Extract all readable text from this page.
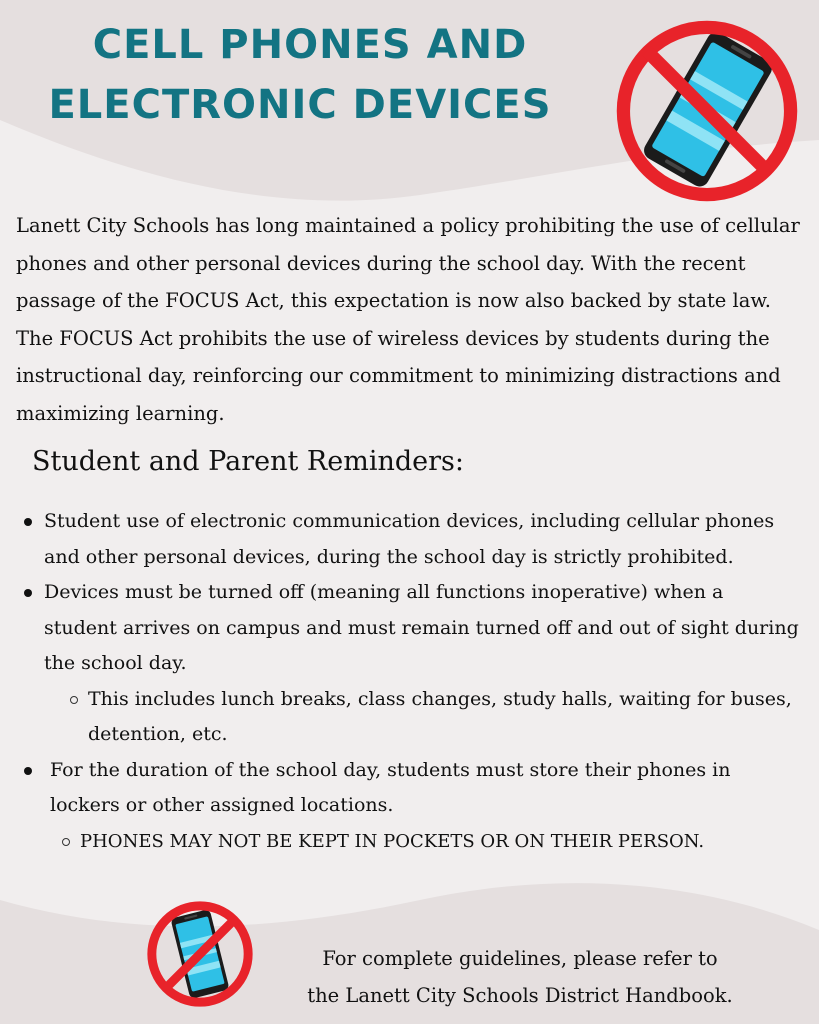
CELL PHONES AND
ELECTRONIC DEVICES
Lanett City Schools has long maintained a policy prohibiting the use of cellular phones and other personal devices during the school day. With the recent passage of the FOCUS Act, this expectation is now also backed by state law. The FOCUS Act prohibits the use of wireless devices by students during the instructional day, reinforcing our commitment to minimizing distractions and maximizing learning.
Student and Parent Reminders:
Student use of electronic communication devices, including cellular phones and other personal devices, during the school day is strictly prohibited.
Devices must be turned off (meaning all functions inoperative) when a student arrives on campus and must remain turned off and out of sight during the school day.
This includes lunch breaks, class changes, study halls, waiting for buses, detention, etc.
For the duration of the school day, students must store their phones in lockers or other assigned locations.
PHONES MAY NOT BE KEPT IN POCKETS OR ON THEIR PERSON.
For complete guidelines, please refer to
the Lanett City Schools District Handbook.
